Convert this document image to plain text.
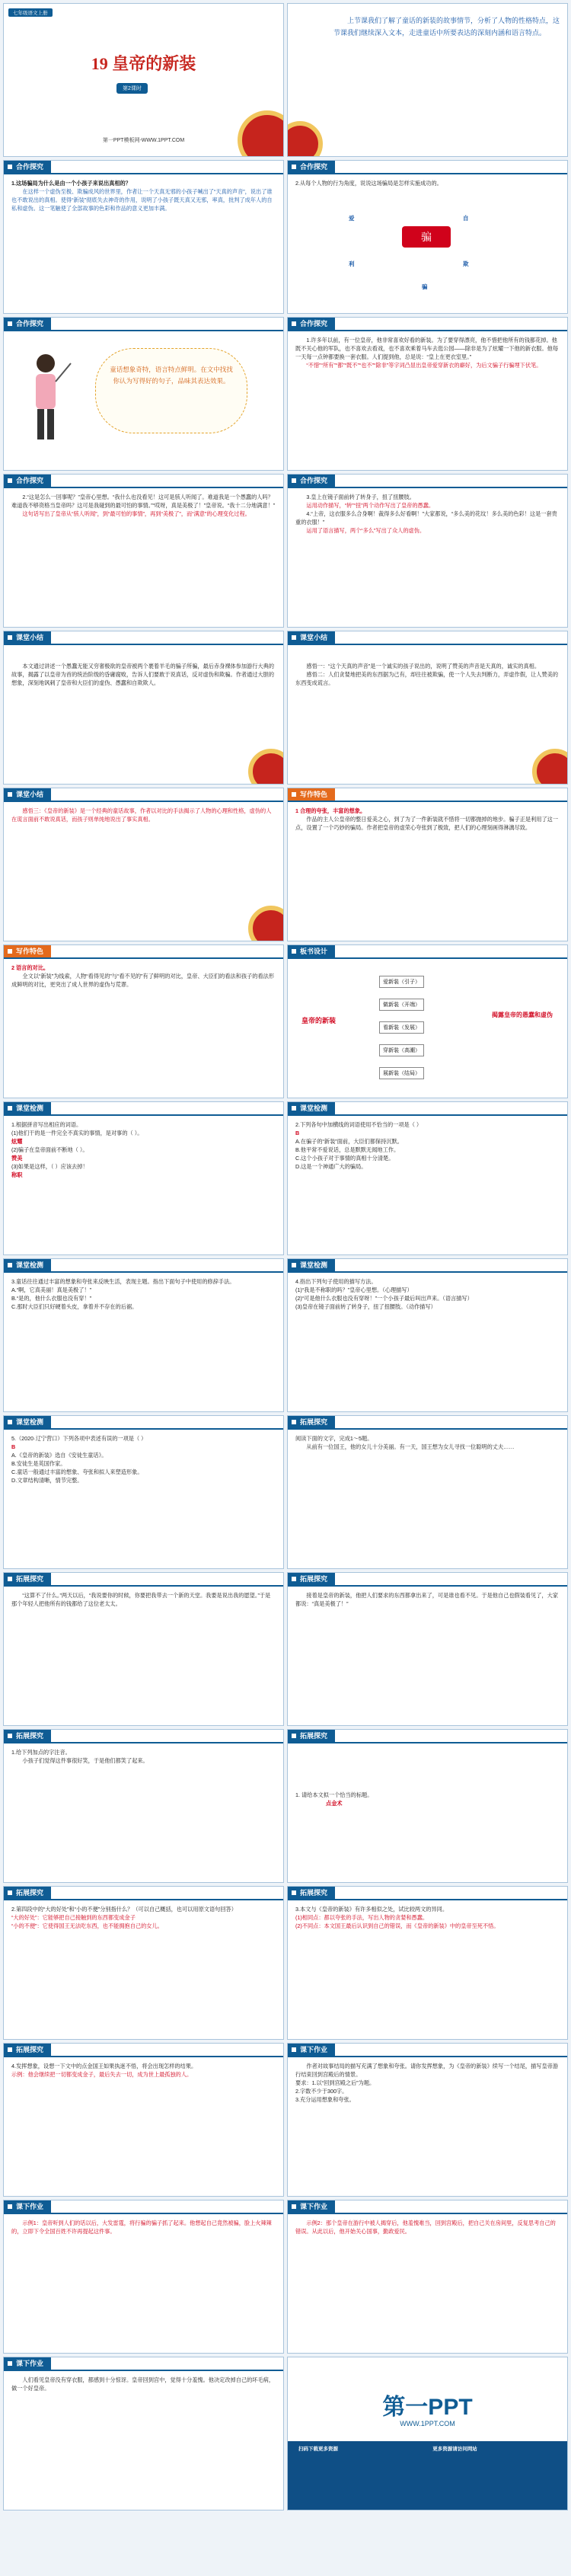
七年级语文上册
19 皇帝的新装
第2课时
第一PPT模板网-WWW.1PPT.COM

上节课我们了解了童话的新装的故事情节，分析了人物的性格特点，这节课我们继续深入文本，走进童话中所要表达的深刻内涵和语言特点。

合作探究
1.这场骗局为什么是由一个小孩子来说出真相的？

在这样一个虚伪至极、欺骗成风的世界里，作者让一个天真无邪的小孩子喊出了“天真的声音”，说出了谁也不敢说出的真相。使得“新装”彻底失去神奇的作用，说明了小孩子既天真又无邪，率真，批判了成年人的自私和虚伪。这一笔触使了全部故事的色彩和作品的意义更加丰满。

合作探究
2.从每个人物的行为角度，说说这场骗局是怎样实施成功的。
骗
爱	自
利	欺
骗
合作探究
童话想象奇特，语言特点鲜明。在文中找找你认为写得好的句子，品味其表达效果。
合作探究

1.许多年以前，有一位皇帝，他非常喜欢好看的新装。为了要穿得漂亮，他不惜把他所有的钱都花掉。他既不关心他的军队，也不喜欢去看戏，也不喜欢乘着马车去逛公园——除非是为了炫耀一下他的新衣服。他每一天每一点钟都要换一套衣服。人们提到他，总是说：“皇上在更衣室里。”

“不惜”“所有”“都”“既不”“也不”“除非”等字词凸显出皇帝爱穿新衣的癖好，为后文骗子行骗埋下伏笔。

合作探究

2.“这是怎么一回事呢？”皇帝心里想。“我什么也没看见！这可是骇人听闻了。难道我是一个愚蠢的人吗？难道我不够资格当皇帝吗？这可是我碰到的最可怕的事情。”“哎呀，真是美极了！”皇帝说。“我十二分地满意！”

这句话写出了皇帝从“骇人听闻”，到“最可怕的事情”，再到“美极了”，而“满意”的心理变化过程。

合作探究

3.皇上在镜子面前转了转身子，扭了扭腰肢。

运用动作描写，“转”“扭”两个动作写出了皇帝的愚蠢。

4.“上帝，这衣服多么合身啊！裁得多么好看啊！”大家都说，“多么美的花纹！多么美的色彩！这是一套贵重的衣服！”

运用了语言描写，两个“多么”写出了众人的虚伪。

课堂小结

本文通过讲述一个愚蠢无能又穷奢极欲的皇帝被两个裹着羊毛的骗子所骗，最后赤身裸体参加游行大典的故事，揭露了以皇帝为首的统治阶级的昏庸腐败，告诉人们要敢于说真话，反对虚伪和欺骗。作者通过大胆的想象，深刻地讽刺了皇帝和大臣们的虚伪、愚蠢和自欺欺人。

课堂小结

感悟一：“这个天真的声音”是一个诚实的孩子说出的，说明了赞美的声音是天真的，诚实的真相。

感悟二：人们贪婪地把美的东西据为己有，却往往被欺骗，使一个人失去判断力，弄虚作假，让人赞美的东西变成谎言。

课堂小结

感悟三：《皇帝的新装》是一个经典的童话故事，作者以对比的手法揭示了人物的心理和性格，虚伪的人在谎言面前不敢说真话，而孩子则单纯地说出了事实真相。

写作特色
1 合理的夸张，丰富的想象。

作品的主人公皇帝的整日爱美之心，到了为了一件新装就不惜将一切都抛掉的地步。骗子正是利用了这一点，设置了一个巧妙的骗局。作者把皇帝的虚荣心夸张到了极致，把人们的心理刻画得淋漓尽致。

写作特色
2 语言的对比。

全文以“新装”为线索，人物“看得见的”与“看不见的”有了鲜明的对比，皇帝、大臣们的看法和孩子的看法形成鲜明的对比，更突出了成人世界的虚伪与荒谬。

板书设计
皇帝的新装
爱新装（引子）
做新装（开端）
看新装（发展）
穿新装（高潮）
展新装（结局）
揭露皇帝的愚蠢和虚伪
课堂检测
1.根据拼音写出相应的词语。
(1)他们干的是一件完全不真实的事情，是对事的（ ）。
炫耀
(2)骗子在皇帝面前不断地（ ）。
赞美
(3)如果是这样，（ ）应该去掉！
称职
课堂检测
2.下列各句中加横线的词语使用不恰当的一项是（ ）
B
A.在骗子的“新装”面前，大臣们都保持沉默。
B.他平常不爱说话，总是默默无闻地工作。
C.这个小孩子对于事情的真相十分清楚。
D.这是一个神通广大的骗局。
课堂检测
3.童话往往通过丰富的想象和夸张来反映生活，表现主题。指出下面句子中使用的修辞手法。
A.“啊，它真美丽！真是美极了！”
B.“是的，他什么衣服也没有穿！”
C.那时大臣们只好硬着头皮，拿着并不存在的后裾。
课堂检测
4.指出下列句子使用的描写方法。
(1)“我是不称职的吗？”皇帝心里想。（心理描写）
(2)“可是他什么衣服也没有穿呀！”一个小孩子最后叫出声来。（语言描写）
(3)皇帝在镜子面前转了转身子，扭了扭腰肢。（动作描写）
课堂检测
5.（2020·辽宁营口）下列各项中表述有误的一项是（ ）
B
A.《皇帝的新装》选自《安徒生童话》。
B.安徒生是英国作家。
C.童话一般通过丰富的想象、夸张和拟人来塑造形象。
D.文章结构清晰，情节完整。
拓展探究
阅读下面的文字，完成1～5题。

从前有一位国王，他的女儿十分美丽。有一天，国王想为女儿寻找一位聪明的丈夫……

拓展探究

“这算不了什么。”两天以后，“我说要你的时候，你要把我带去一个新的天堂。我要是说出我的愿望。”于是那个年轻人把他所有的钱都给了这位老太太。

拓展探究

接着是皇帝的新装，他把人们要求的东西都拿出来了，可是谁也看不见。于是他自己也假装看见了，大家都说：“真是美极了！”

拓展探究
1.给下列加点的字注音。

小孩子们觉得这件事很好笑，于是他们都笑了起来。

拓展探究
1. 请给本文拟一个恰当的标题。
点金术
拓展探究
2.第四段中的“大的好处”和“小的不便”分别指什么？（可以自己概括，也可以用原文语句回答）
“大的好处”：它能够把自己接触到的东西都变成金子
“小的不便”：它使得国王无法吃东西，也不能拥抱自己的女儿。
拓展探究
3.本文与《皇帝的新装》有许多相似之处，试比较两文的异同。
(1)相同点：都以夸张的手法，写出人物的贪婪和愚蠢。
(2)不同点：本文国王最后认识到自己的错误，而《皇帝的新装》中的皇帝至死不悟。
拓展探究
4.发挥想象，设想一下文中的点金国王如果执迷不悟，将会出现怎样的结果。
示例：他会继续把一切都变成金子，最后失去一切，成为世上最孤独的人。
课下作业

作者对故事结局的描写充满了想象和夸张。请你发挥想象，为《皇帝的新装》续写一个结尾，描写皇帝游行结束回到宫殿后的情景。

要求：1.以“回到宫殿之后”为题。
2.字数不少于300字。
3.充分运用想象和夸张。
课下作业

示例1：皇帝听到人们的话以后，大发雷霆，将行骗的骗子抓了起来。他想起自己竟然被骗，脸上火辣辣的，立即下令全国百姓不许再提起这件事。

课下作业

示例2：那个皇帝在游行中被人揭穿后，他羞愧难当，回到宫殿后，把自己关在房间里，反复思考自己的错误。从此以后，他开始关心国事，勤政爱民。

课下作业

人们看见皇帝没有穿衣服，都感到十分惊讶。皇帝回到宫中，觉得十分羞愧。他决定改掉自己的坏毛病，做一个好皇帝。

第一PPT
WWW.1PPT.COM
扫码下载更多资源	更多资源请访问网站
